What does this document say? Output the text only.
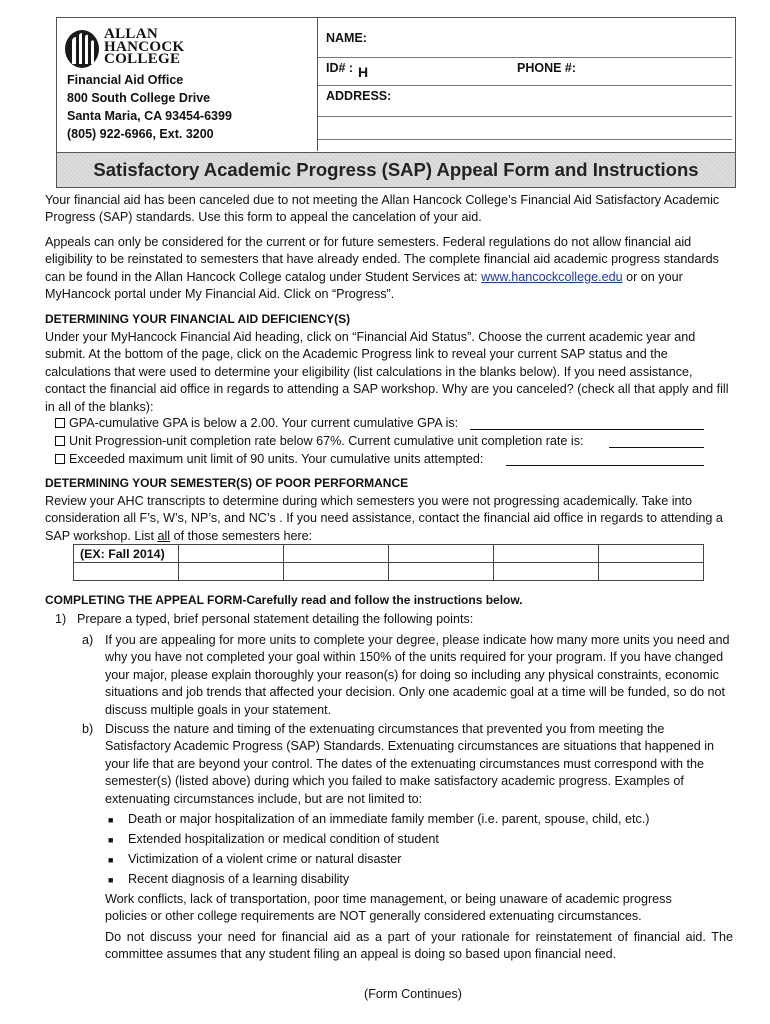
ALLAN
HANCOCK
COLLEGE
Financial Aid Office
800 South College Drive
Santa Maria, CA 93454-6399
(805) 922-6966, Ext. 3200
NAME:
ID# : H	PHONE #:
ADDRESS:
Satisfactory Academic Progress (SAP) Appeal Form and Instructions
Your financial aid has been canceled due to not meeting the Allan Hancock College’s Financial Aid Satisfactory Academic Progress (SAP) standards. Use this form to appeal the cancelation of your aid.
Appeals can only be considered for the current or for future semesters. Federal regulations do not allow financial aid eligibility to be reinstated to semesters that have already ended. The complete financial aid academic progress standards can be found in the Allan Hancock College catalog under Student Services at: www.hancockcollege.edu or on your MyHancock portal under My Financial Aid. Click on “Progress”.
DETERMINING YOUR FINANCIAL AID DEFICIENCY(S)
Under your MyHancock Financial Aid heading, click on “Financial Aid Status”. Choose the current academic year and submit. At the bottom of the page, click on the Academic Progress link to reveal your current SAP status and the calculations that were used to determine your eligibility (list calculations in the blanks below). If you need assistance, contact the financial aid office in regards to attending a SAP workshop. Why are you canceled? (check all that apply and fill in all of the blanks):
GPA-cumulative GPA is below a 2.00. Your current cumulative GPA is:
Unit Progression-unit completion rate below 67%. Current cumulative unit completion rate is:
Exceeded maximum unit limit of 90 units. Your cumulative units attempted:
DETERMINING YOUR SEMESTER(S) OF POOR PERFORMANCE
Review your AHC transcripts to determine during which semesters you were not progressing academically. Take into consideration all F’s, W’s, NP’s, and NC’s . If you need assistance, contact the financial aid office in regards to attending a SAP workshop. List all of those semesters here:
(EX: Fall 2014)					

COMPLETING THE APPEAL FORM-Carefully read and follow the instructions below.
1) Prepare a typed, brief personal statement detailing the following points:
a) If you are appealing for more units to complete your degree, please indicate how many more units you need and why you have not completed your goal within 150% of the units required for your program. If you have changed your major, please explain thoroughly your reason(s) for doing so including any physical constraints, economic situations and job trends that affected your decision. Only one academic goal at a time will be funded, so do not discuss multiple goals in your statement.
b) Discuss the nature and timing of the extenuating circumstances that prevented you from meeting the Satisfactory Academic Progress (SAP) Standards. Extenuating circumstances are situations that happened in your life that are beyond your control. The dates of the extenuating circumstances must correspond with the semester(s) (listed above) during which you failed to make satisfactory academic progress. Examples of extenuating circumstances include, but are not limited to:
■ Death or major hospitalization of an immediate family member (i.e. parent, spouse, child, etc.)
■ Extended hospitalization or medical condition of student
■ Victimization of a violent crime or natural disaster
■ Recent diagnosis of a learning disability
Work conflicts, lack of transportation, poor time management, or being unaware of academic progress policies or other college requirements are NOT generally considered extenuating circumstances.
Do not discuss your need for financial aid as a part of your rationale for reinstatement of financial aid. The committee assumes that any student filing an appeal is doing so based upon financial need.
(Form Continues)
